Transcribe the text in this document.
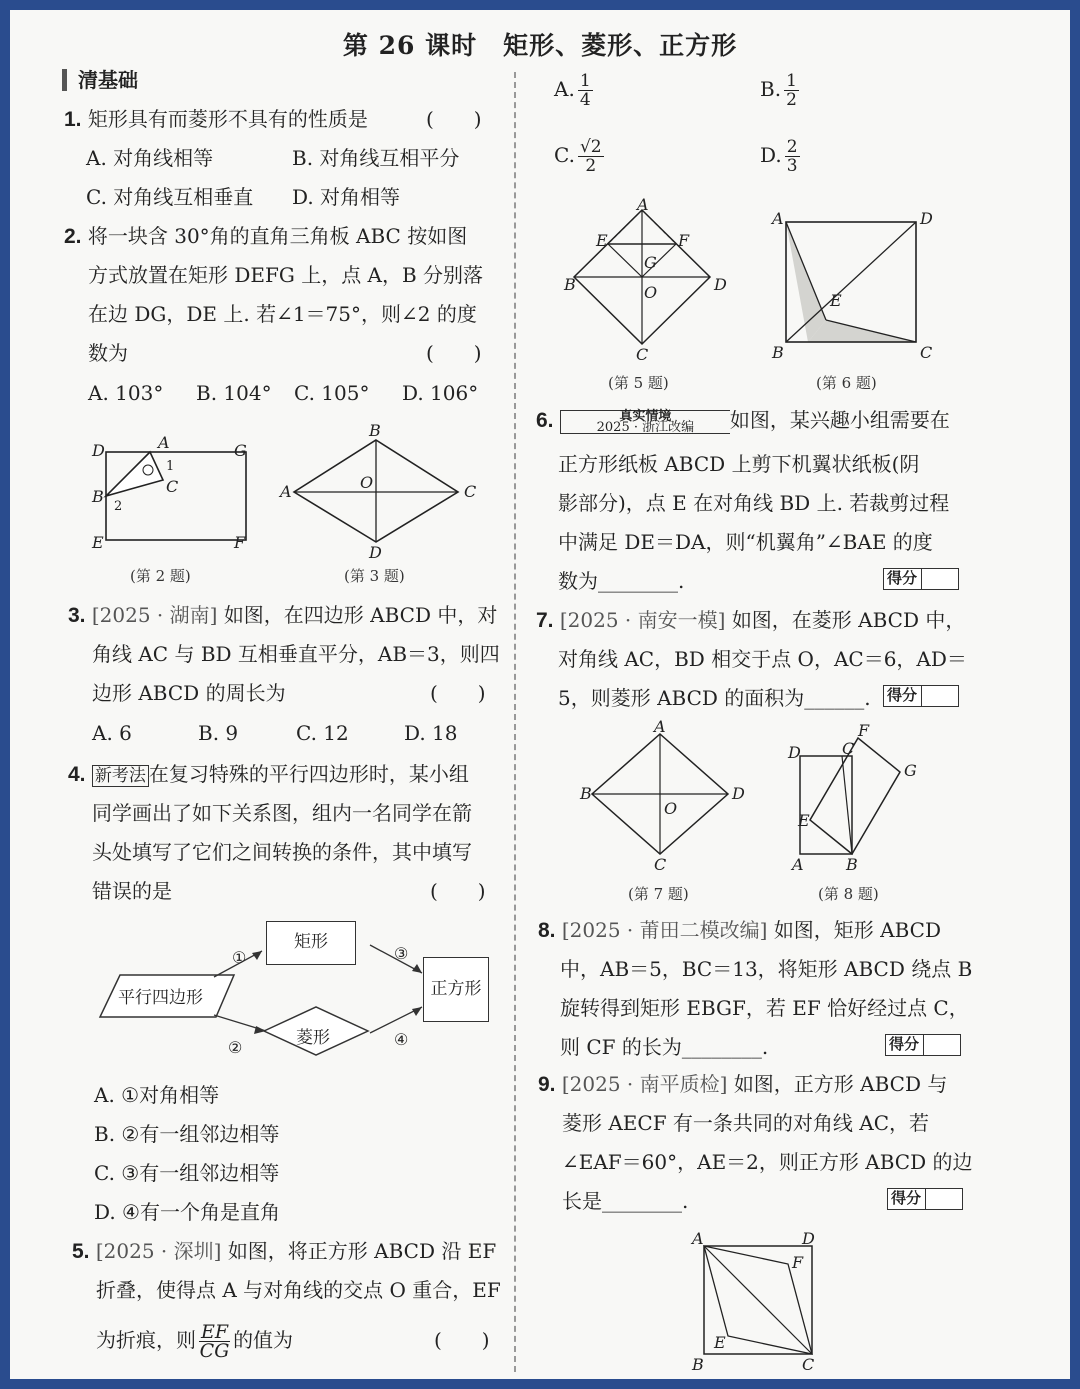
第 26 课时　矩形、菱形、正方形
清基础
1. 矩形具有而菱形不具有的性质是	(　　)
A. 对角线相等	B. 对角线互相平分
C. 对角线互相垂直 D. 对角相等
2. 将一块含 30°角的直角三角板 ABC 按如图
方式放置在矩形 DEFG 上，点 A，B 分别落
在边 DG，DE 上. 若∠1＝75°，则∠2 的度
数为	(　　)
A. 103° B. 104° C. 105° D. 106°
A
D	G
B
C
E	F
1
2
(第 2 题)
B
C
D
A	O
(第 3 题)
3. [2025 · 湖南] 如图，在四边形 ABCD 中，对
角线 AC 与 BD 互相垂直平分，AB＝3，则四
边形 ABCD 的周长为	(　　)
A. 6	B. 9	C. 12	D. 18
4. 新考法 在复习特殊的平行四边形时，某小组
同学画出了如下关系图，组内一名同学在箭
头处填写了它们之间转换的条件，其中填写
错误的是	(　　)
①
②
③
④
矩形
正方形
平行四边形
菱形
A. ①对角相等
B. ②有一组邻边相等
C. ③有一组邻边相等
D. ④有一个角是直角
5. [2025 · 深圳] 如图，将正方形 ABCD 沿 EF
折叠，使得点 A 与对角线的交点 O 重合，EF
为折痕，则 $\frac{EF}{CG}$ 的值为	(　　)
A. $\frac{1}{4}$	B. $\frac{1}{2}$
C. $\frac{√2}{2}$	D. $\frac{2}{3}$
A
E	F
G
O
B	D
C
(第 5 题)
A	D
E
B	C
(第 6 题)
6.	真实情境
2025 · 浙江改编	如图，某兴趣小组需要在
正方形纸板 ABCD 上剪下机翼状纸板(阴
影部分)，点 E 在对角线 BD 上. 若裁剪过程
中满足 DE＝DA，则“机翼角”∠BAE 的度
数为________.	得分
7. [2025 · 南安一模] 如图，在菱形 ABCD 中，
对角线 AC，BD 相交于点 O，AC＝6，AD＝
5，则菱形 ABCD 的面积为______. 得分
A
B	D
C
O
(第 7 题)
D	C
F
G
E
A	B
(第 8 题)
8. [2025 · 莆田二模改编] 如图，矩形 ABCD
中，AB＝5，BC＝13，将矩形 ABCD 绕点 B
旋转得到矩形 EBGF，若 EF 恰好经过点 C，
则 CF 的长为________.	得分
9. [2025 · 南平质检] 如图，正方形 ABCD 与
菱形 AECF 有一条共同的对角线 AC，若
∠EAF＝60°，AE＝2，则正方形 ABCD 的边
长是________.	得分
A	D
F
E
B	C
